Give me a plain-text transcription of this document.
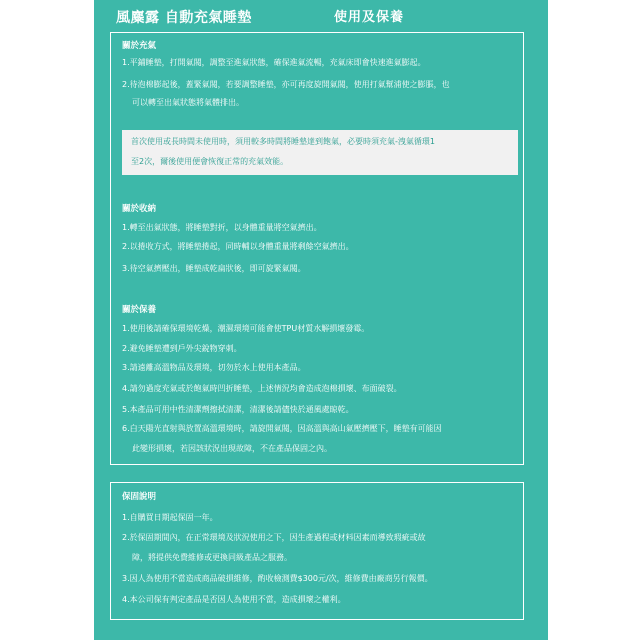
風麋露 自動充氣睡墊	使用及保養
關於充氣
1.平鋪睡墊，打開氣閥，調整至進氣狀態，確保進氣流暢，充氣床即會快速進氣膨起。
2.待泡棉膨起後，蓋緊氣閥，若要調整睡墊，亦可再度旋開氣閥，使用打氣幫浦使之膨脹，也
可以轉至出氣狀態將氣體排出。
首次使用或長時間未使用時，須用較多時間將睡墊達到飽氣，必要時須充氣-洩氣循環1
至2次，爾後使用便會恢復正常的充氣效能。
關於收納
1.轉至出氣狀態，將睡墊對折，以身體重量將空氣擠出。
2.以捲收方式，將睡墊捲起，同時輔以身體重量將剩餘空氣擠出。
3.待空氣擠壓出，睡墊成乾扁狀後，即可旋緊氣閥。
關於保養
1.使用後請確保環境乾燥，潮濕環境可能會使TPU材質水解損壞發霉。
2.避免睡墊遭到戶外尖銳物穿刺。
3.請遠離高溫物品及環境，切勿於水上使用本產品。
4.請勿過度充氣或於飽氣時凹折睡墊，上述情況均會造成泡棉損壞、布面破裂。
5.本產品可用中性清潔劑擦拭清潔，清潔後請儘快於通風處晾乾。
6.白天陽光直射與放置高溫環境時，請旋開氣閥，因高溫與高山氣壓擠壓下，睡墊有可能因
此變形損壞，若因該狀況出現故障，不在產品保固之內。
保固說明
1.自購買日期起保固一年。
2.於保固期間內，在正常環境及狀況使用之下，因生產過程或材料因素而導致瑕疵或故
障，將提供免費維修或更換同級產品之服務。
3.因人為使用不當造成商品破損維修，酌收檢測費$300元/次，維修費由廠商另行報價。
4.本公司保有判定產品是否因人為使用不當，造成損壞之權利。
